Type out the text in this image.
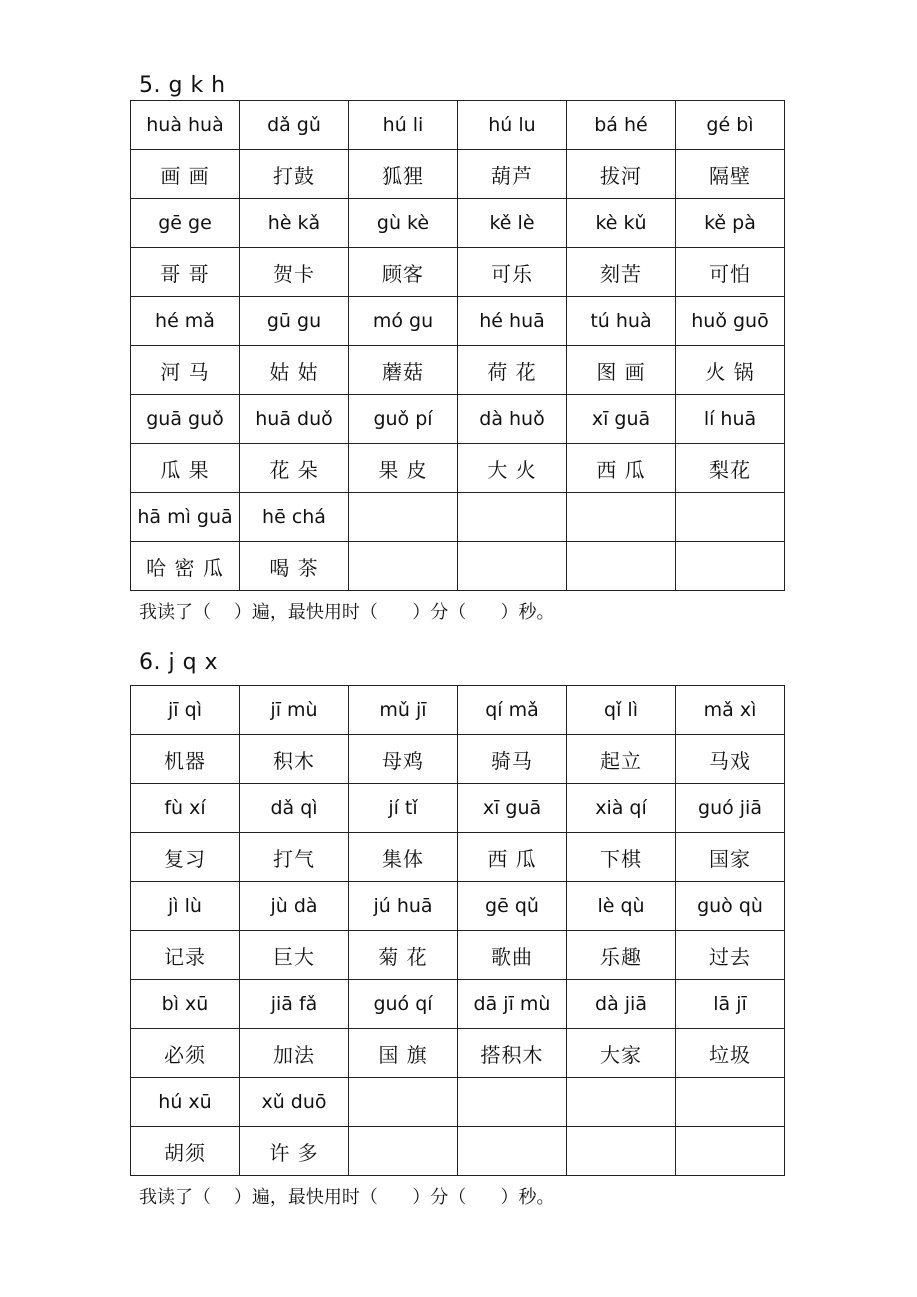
5. g k h
huà huà	dǎ gǔ	hú li	hú lu	bá hé	gé bì
画 画	打鼓	狐狸	葫芦	拔河	隔壁
gē ge	hè kǎ	gù kè	kě lè	kè kǔ	kě pà
哥 哥	贺卡	顾客	可乐	刻苦	可怕
hé mǎ	gū gu	mó gu	hé huā	tú huà	huǒ guō
河 马	姑 姑	蘑菇	荷 花	图 画	火 锅
guā guǒ	huā duǒ	guǒ pí	dà huǒ	xī guā	lí huā
瓜 果	花 朵	果 皮	大 火	西 瓜	梨花
hā mì guā	hē chá				
哈 密 瓜	喝 茶				
我读了（    ）遍，最快用时（      ）分（      ）秒。
6. j q x
jī qì	jī mù	mǔ jī	qí mǎ	qǐ lì	mǎ xì
机器	积木	母鸡	骑马	起立	马戏
fù xí	dǎ qì	jí tǐ	xī guā	xià qí	guó jiā
复习	打气	集体	西 瓜	下棋	国家
jì lù	jù dà	jú huā	gē qǔ	lè qù	guò qù
记录	巨大	菊 花	歌曲	乐趣	过去
bì xū	jiā fǎ	guó qí	dā jī mù	dà jiā	lā jī
必须	加法	国 旗	搭积木	大家	垃圾
hú xū	xǔ duō				
胡须	许 多				
我读了（    ）遍，最快用时（      ）分（      ）秒。
